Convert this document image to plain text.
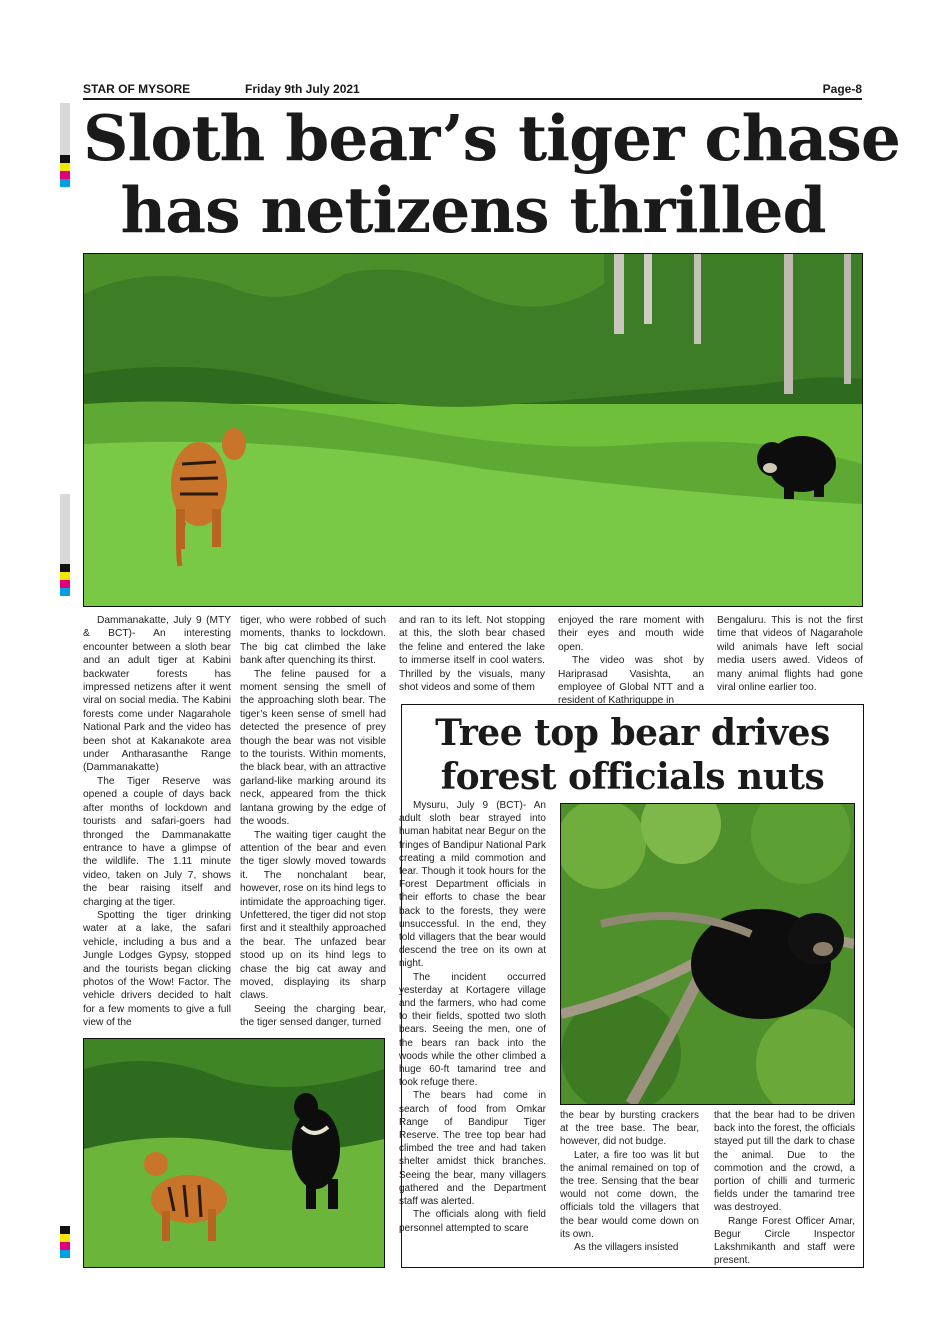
STAR OF MYSORE	Friday 9th July 2021	Page-8
Sloth bear’s tiger chase
has netizens thrilled

Dammanakatte, July 9 (MTY & BCT)- An interesting encounter between a sloth bear and an adult tiger at Kabini backwater forests has impressed netizens after it went viral on social media. The Kabini forests come under Nagarahole National Park and the video has been shot at Kakanakote area under Antharasanthe Range (Dammanakatte)

The Tiger Reserve was opened a couple of days back after months of lockdown and tourists and safari-goers had thronged the Dammanakatte entrance to have a glimpse of the wildlife. The 1.11 minute video, taken on July 7, shows the bear raising itself and charging at the tiger.

Spotting the tiger drinking water at a lake, the safari vehicle, including a bus and a Jungle Lodges Gypsy, stopped and the tourists began clicking photos of the Wow! Factor. The vehicle drivers decided to halt for a few moments to give a full view of the

tiger, who were robbed of such moments, thanks to lockdown. The big cat climbed the lake bank after quenching its thirst.

The feline paused for a moment sensing the smell of the approaching sloth bear. The tiger’s keen sense of smell had detected the presence of prey though the bear was not visible to the tourists. Within moments, the black bear, with an attractive garland-like marking around its neck, appeared from the thick lantana growing by the edge of the woods.

The waiting tiger caught the attention of the bear and even the tiger slowly moved towards it. The nonchalant bear, however, rose on its hind legs to intimidate the approaching tiger. Unfettered, the tiger did not stop first and it stealthily approached the bear. The unfazed bear stood up on its hind legs to chase the big cat away and moved, displaying its sharp claws.

Seeing the charging bear, the tiger sensed danger, turned

and ran to its left. Not stopping at this, the sloth bear chased the feline and entered the lake to immerse itself in cool waters. Thrilled by the visuals, many shot videos and some of them

enjoyed the rare moment with their eyes and mouth wide open.

The video was shot by Hariprasad Vasishta, an employee of Global NTT and a resident of Kathriguppe in

Bengaluru. This is not the first time that videos of Nagarahole wild animals have left social media users awed. Videos of many animal flights had gone viral online earlier too.

Tree top bear drives
forest officials nuts

Mysuru, July 9 (BCT)- An adult sloth bear strayed into human habitat near Begur on the fringes of Bandipur National Park creating a mild commotion and fear. Though it took hours for the Forest Department officials in their efforts to chase the bear back to the forests, they were unsuccessful. In the end, they told villagers that the bear would descend the tree on its own at night.

The incident occurred yesterday at Kortagere village and the farmers, who had come to their fields, spotted two sloth bears. Seeing the men, one of the bears ran back into the woods while the other climbed a huge 60-ft tamarind tree and took refuge there.

The bears had come in search of food from Omkar Range of Bandipur Tiger Reserve. The tree top bear had climbed the tree and had taken shelter amidst thick branches. Seeing the bear, many villagers gathered and the Department staff was alerted.

The officials along with field personnel attempted to scare

the bear by bursting crackers at the tree base. The bear, however, did not budge.

Later, a fire too was lit but the animal remained on top of the tree. Sensing that the bear would not come down, the officials told the villagers that the bear would come down on its own.

As the villagers insisted

that the bear had to be driven back into the forest, the officials stayed put till the dark to chase the animal. Due to the commotion and the crowd, a portion of chilli and turmeric fields under the tamarind tree was destroyed.

Range Forest Officer Amar, Begur Circle Inspector Lakshmikanth and staff were present.
